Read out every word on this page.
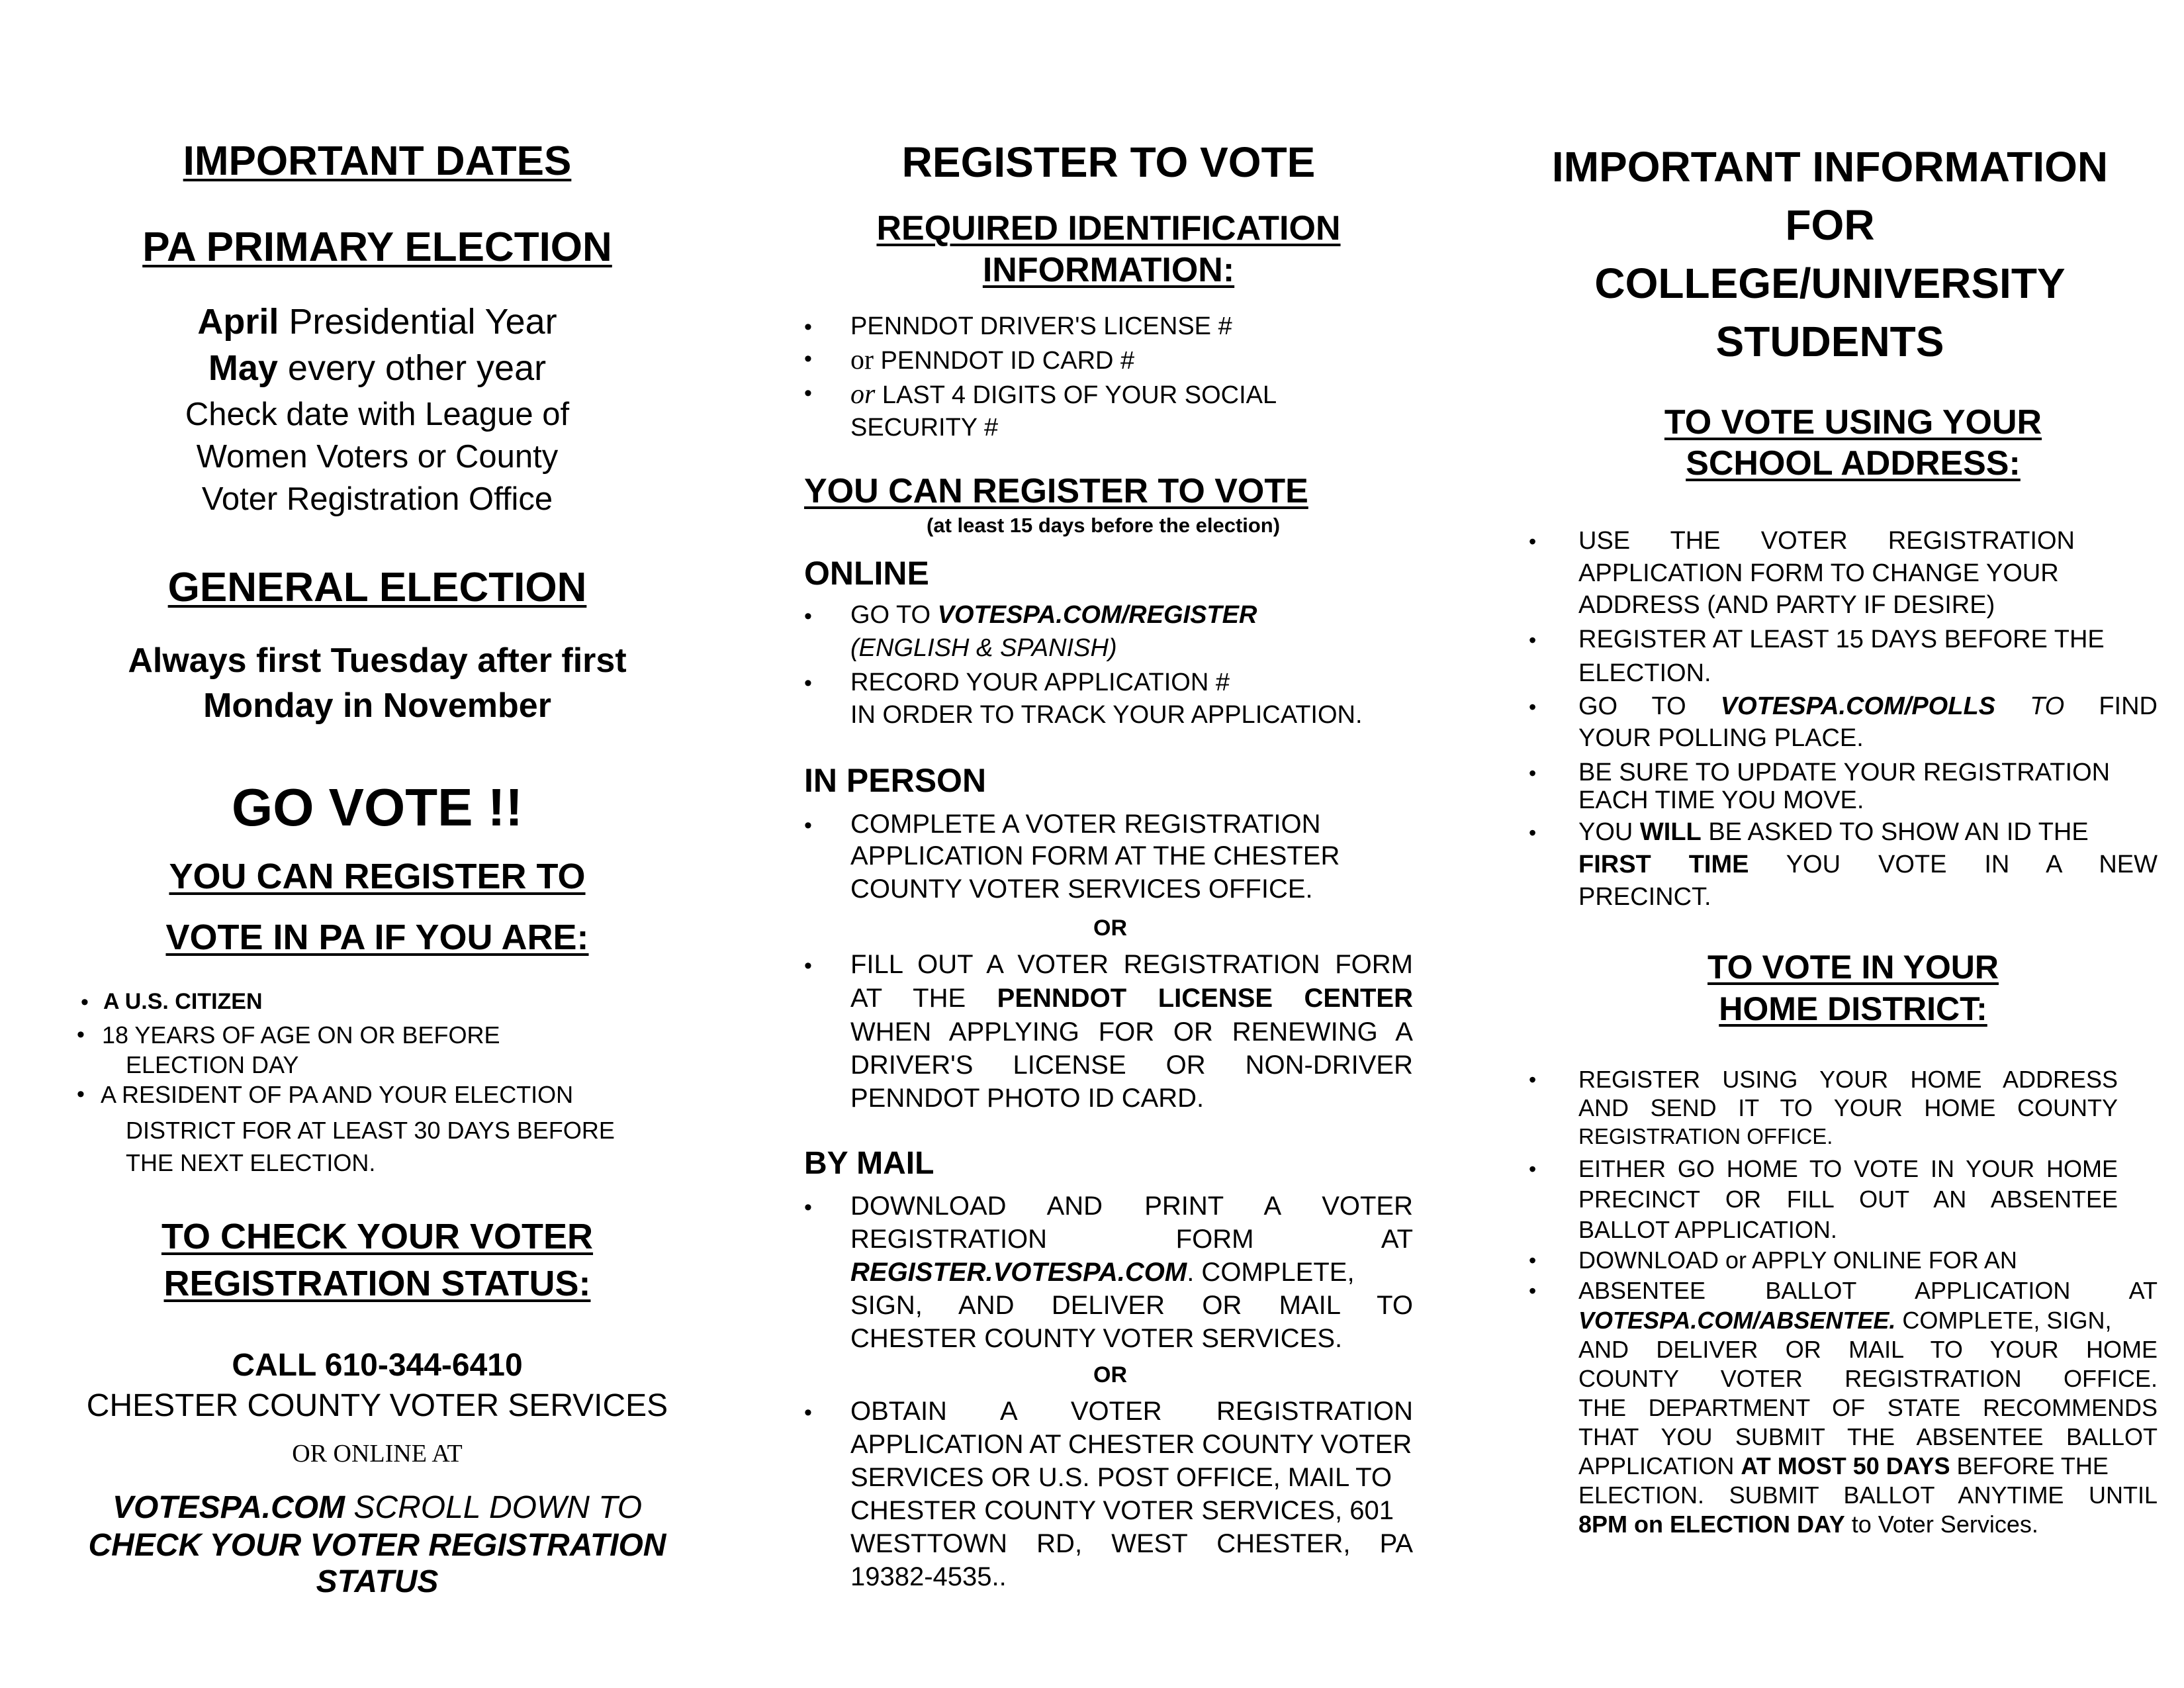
IMPORTANT DATES
PA PRIMARY ELECTION
April Presidential Year
May every other year
Check date with League of
Women Voters or County
Voter Registration Office
GENERAL ELECTION
Always first Tuesday after first
Monday in November
GO VOTE !!
YOU CAN REGISTER TO
VOTE IN PA IF YOU ARE:
• A U.S. CITIZEN
• 18 YEARS OF AGE ON OR BEFORE
ELECTION DAY
• A RESIDENT OF PA AND YOUR ELECTION
DISTRICT FOR AT LEAST 30 DAYS BEFORE
THE NEXT ELECTION.
TO CHECK YOUR VOTER
REGISTRATION STATUS:
CALL 610-344-6410
CHESTER COUNTY VOTER SERVICES
OR ONLINE AT
VOTESPA.COM SCROLL DOWN TO
CHECK YOUR VOTER REGISTRATION
STATUS
REGISTER TO VOTE
REQUIRED IDENTIFICATION
INFORMATION:
• PENNDOT DRIVER'S LICENSE #
• or PENNDOT ID CARD #
• or LAST 4 DIGITS OF YOUR SOCIAL
SECURITY #
YOU CAN REGISTER TO VOTE
(at least 15 days before the election)
ONLINE
• GO TO VOTESPA.COM/REGISTER
(ENGLISH & SPANISH)
• RECORD YOUR APPLICATION #
IN ORDER TO TRACK YOUR APPLICATION.
IN PERSON
• COMPLETE A VOTER REGISTRATION
APPLICATION FORM AT THE CHESTER
COUNTY VOTER SERVICES OFFICE.
OR
• FILL OUT A VOTER REGISTRATION FORM
AT THE PENNDOT LICENSE CENTER
WHEN APPLYING FOR OR RENEWING A
DRIVER'S LICENSE OR NON-DRIVER
PENNDOT PHOTO ID CARD.
BY MAIL
• DOWNLOAD AND PRINT A VOTER
REGISTRATION FORM AT
REGISTER.VOTESPA.COM. COMPLETE,
SIGN, AND DELIVER OR MAIL TO
CHESTER COUNTY VOTER SERVICES.
OR
• OBTAIN A VOTER REGISTRATION
APPLICATION AT CHESTER COUNTY VOTER
SERVICES OR U.S. POST OFFICE, MAIL TO
CHESTER COUNTY VOTER SERVICES, 601
WESTTOWN RD, WEST CHESTER, PA
19382-4535..
IMPORTANT INFORMATION
FOR
COLLEGE/UNIVERSITY
STUDENTS
TO VOTE USING YOUR
SCHOOL ADDRESS:
• USE THE VOTER REGISTRATION
APPLICATION FORM TO CHANGE YOUR
ADDRESS (AND PARTY IF DESIRE)
• REGISTER AT LEAST 15 DAYS BEFORE THE
ELECTION.
• GO TO VOTESPA.COM/POLLS TO FIND
YOUR POLLING PLACE.
• BE SURE TO UPDATE YOUR REGISTRATION
EACH TIME YOU MOVE.
• YOU WILL BE ASKED TO SHOW AN ID THE
FIRST TIME YOU VOTE IN A NEW
PRECINCT.
TO VOTE IN YOUR
HOME DISTRICT:
• REGISTER USING YOUR HOME ADDRESS
AND SEND IT TO YOUR HOME COUNTY
REGISTRATION OFFICE.
• EITHER GO HOME TO VOTE IN YOUR HOME
PRECINCT OR FILL OUT AN ABSENTEE
BALLOT APPLICATION.
• DOWNLOAD or APPLY ONLINE FOR AN
• ABSENTEE BALLOT APPLICATION AT
VOTESPA.COM/ABSENTEE. COMPLETE, SIGN,
AND DELIVER OR MAIL TO YOUR HOME
COUNTY VOTER REGISTRATION OFFICE.
THE DEPARTMENT OF STATE RECOMMENDS
THAT YOU SUBMIT THE ABSENTEE BALLOT
APPLICATION AT MOST 50 DAYS BEFORE THE
ELECTION. SUBMIT BALLOT ANYTIME UNTIL
8PM on ELECTION DAY to Voter Services.
